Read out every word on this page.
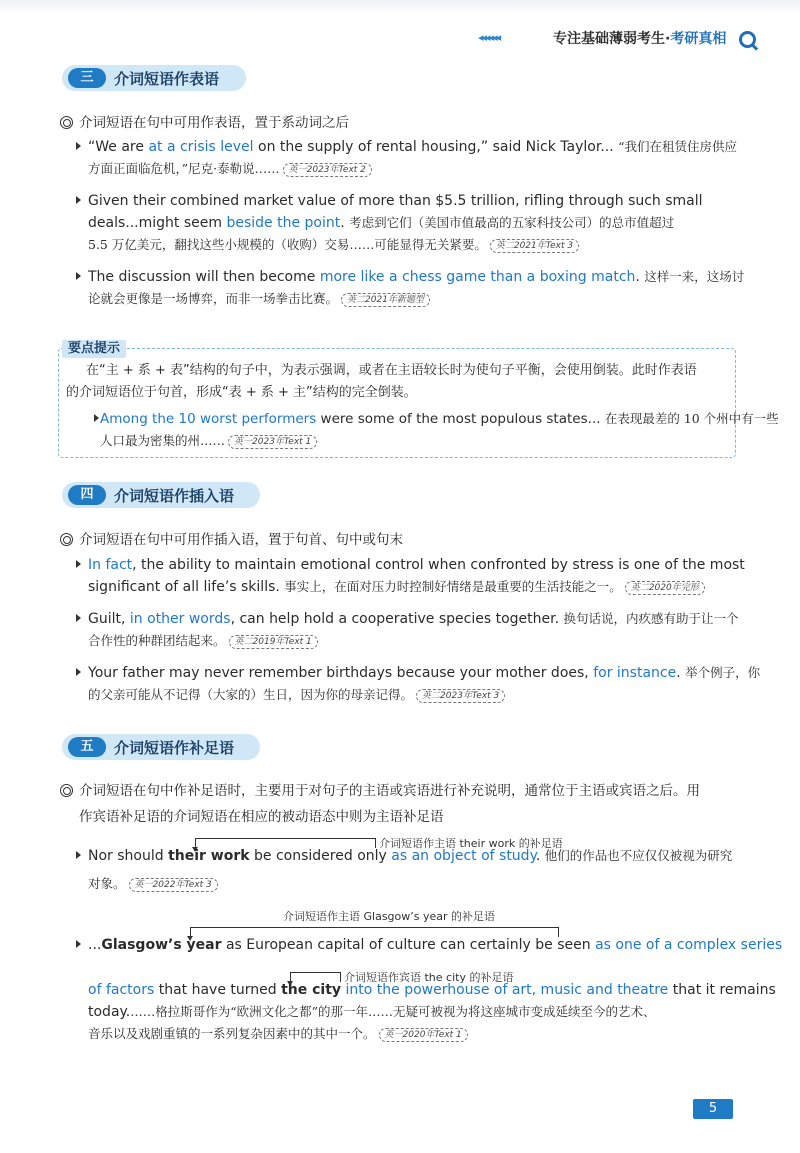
◂◂◂◂◂◂	专注基础薄弱考生·考研真相
三	介词短语作表语
介词短语在句中可用作表语，置于系动词之后
“We are at a crisis level on the supply of rental housing,” said Nick Taylor... “我们在租赁住房供应
方面正面临危机，”尼克·泰勒说…… 英一2023年Text 2
Given their combined market value of more than $5.5 trillion, rifling through such small
deals...might seem beside the point. 考虑到它们（美国市值最高的五家科技公司）的总市值超过
5.5 万亿美元，翻找这些小规模的（收购）交易……可能显得无关紧要。 英二2021年Text 3
The discussion will then become more like a chess game than a boxing match. 这样一来，这场讨
论就会更像是一场博弈，而非一场拳击比赛。 英二2021年新题型
要点提示
在“主 + 系 + 表”结构的句子中，为表示强调，或者在主语较长时为使句子平衡，会使用倒装。此时作表语
的介词短语位于句首，形成“表 + 系 + 主”结构的完全倒装。
Among the 10 worst performers were some of the most populous states... 在表现最差的 10 个州中有一些
人口最为密集的州…… 英一2023年Text 1
四	介词短语作插入语
介词短语在句中可用作插入语，置于句首、句中或句末
In fact, the ability to maintain emotional control when confronted by stress is one of the most
significant of all life’s skills. 事实上，在面对压力时控制好情绪是最重要的生活技能之一。 英二2020年完形
Guilt, in other words, can help hold a cooperative species together. 换句话说，内疚感有助于让一个
合作性的种群团结起来。 英二2019年Text 1
Your father may never remember birthdays because your mother does, for instance. 举个例子，你
的父亲可能从不记得（大家的）生日，因为你的母亲记得。 英二2023年Text 3
五	介词短语作补足语
介词短语在句中作补足语时，主要用于对句子的主语或宾语进行补充说明，通常位于主语或宾语之后。用
作宾语补足语的介词短语在相应的被动语态中则为主语补足语
介词短语作主语 their work 的补足语
Nor should their work be considered only as an object of study. 他们的作品也不应仅仅被视为研究
对象。 英一2022年Text 3
介词短语作主语 Glasgow’s year 的补足语
...Glasgow’s year as European capital of culture can certainly be seen as one of a complex series
介词短语作宾语 the city 的补足语
of factors that have turned the city into the powerhouse of art, music and theatre that it remains
today.……格拉斯哥作为“欧洲文化之都”的那一年……无疑可被视为将这座城市变成延续至今的艺术、
音乐以及戏剧重镇的一系列复杂因素中的其中一个。 英一2020年Text 1
5
